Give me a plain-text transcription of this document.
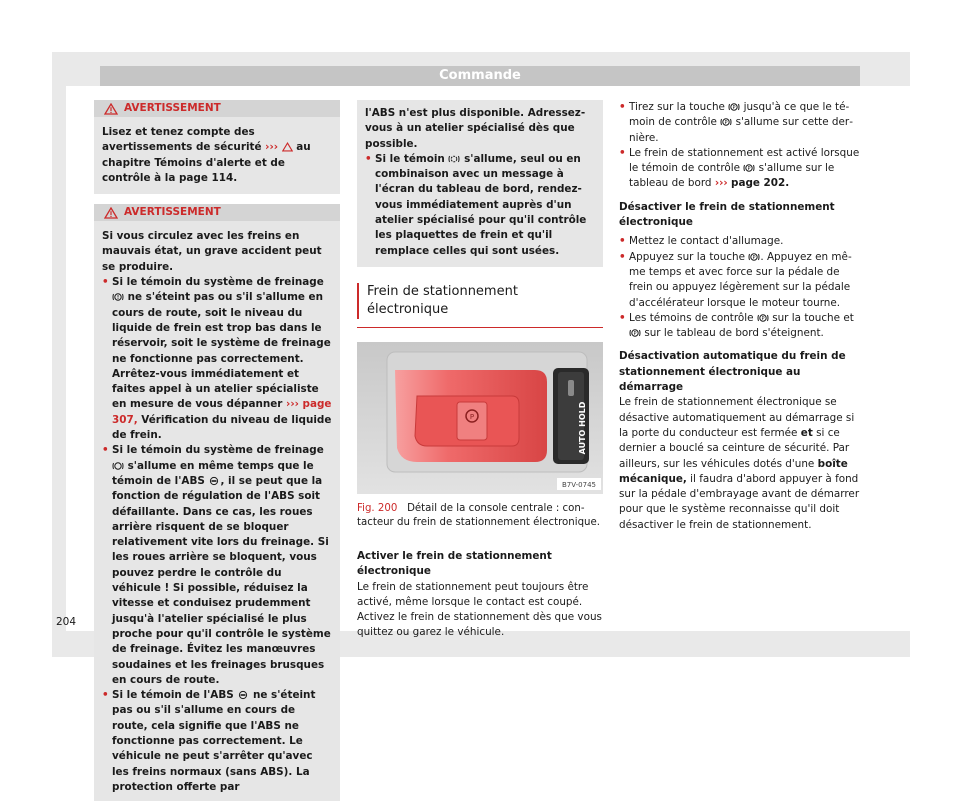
Commande
AVERTISSEMENT

Lisez et tenez compte des avertissements de sécurité ››› au chapitre Témoins d'alerte et de contrôle à la page 114.

AVERTISSEMENT

Si vous circulez avec les freins en mauvais état, un grave accident peut se produire.

• Si le témoin du système de freinage
! ne s'éteint pas ou s'il s'allume en cours de route, soit le niveau du liquide de frein est trop bas dans le réservoir, soit le système de freinage ne fonctionne pas correctement. Arrêtez-vous immédiatement et faites appel à un atelier spécialiste en mesure de vous dépanner ››› page 307, Vérification du niveau de liquide de frein.

• Si le témoin du système de freinage  s'allume en même temps que le témoin de l'ABS , il se peut que la fonction de régulation de l'ABS soit défaillante. Dans ce cas, les roues arrière risquent de se bloquer relativement vite lors du freinage. Si les roues arrière se bloquent, vous pouvez perdre le contrôle du véhicule ! Si possible, réduisez la vitesse et conduisez prudemment jusqu'à l'atelier spécialisé le plus proche pour qu'il contrôle le système de freinage. Évitez les manœuvres soudaines et les freinages brusques en cours de route.

• Si le témoin de l'ABS ne s'éteint pas ou s'il s'allume en cours de route, cela signifie que l'ABS ne fonctionne pas correctement. Le véhicule ne peut s'arrêter qu'avec les freins normaux (sans ABS). La protection offerte par

204

l'ABS n'est plus disponible. Adressez-vous à un atelier spécialisé dès que possible.

• Si le témoin s'allume, seul ou en combinaison avec un message à l'écran du tableau de bord, rendez-vous immédiatement auprès d'un atelier spécialisé pour qu'il contrôle les plaquettes de frein et qu'il remplace celles qui sont usées.

Frein de stationnement électronique
P	AUTO HOLD
B7V-0745

Fig. 200 Détail de la console centrale : contacteur du frein de stationnement électronique.

Activer le frein de stationnement électronique

Le frein de stationnement peut toujours être activé, même lorsque le contact est coupé. Activez le frein de stationnement dès que vous quittez ou garez le véhicule.

• Tirez sur la touche P jusqu'à ce que le témoin de contrôle P s'allume sur cette dernière.

• Le frein de stationnement est activé lorsque le témoin de contrôle P s'allume sur le tableau de bord ››› page 202.

Désactiver le frein de stationnement électronique

• Mettez le contact d'allumage.

• Appuyez sur la touche P . Appuyez en même temps et avec force sur la pédale de frein ou appuyez légèrement sur la pédale d'accélérateur lorsque le moteur tourne.

• Les témoins de contrôle P sur la touche et

P sur le tableau de bord s'éteignent.

Désactivation automatique du frein de stationnement électronique au démarrage

Le frein de stationnement électronique se désactive automatiquement au démarrage si la porte du conducteur est fermée et si ce dernier a bouclé sa ceinture de sécurité. Par ailleurs, sur les véhicules dotés d'une boîte mécanique, il faudra d'abord appuyer à fond sur la pédale d'embrayage avant de démarrer pour que le système reconnaisse qu'il doit désactiver le frein de stationnement.
